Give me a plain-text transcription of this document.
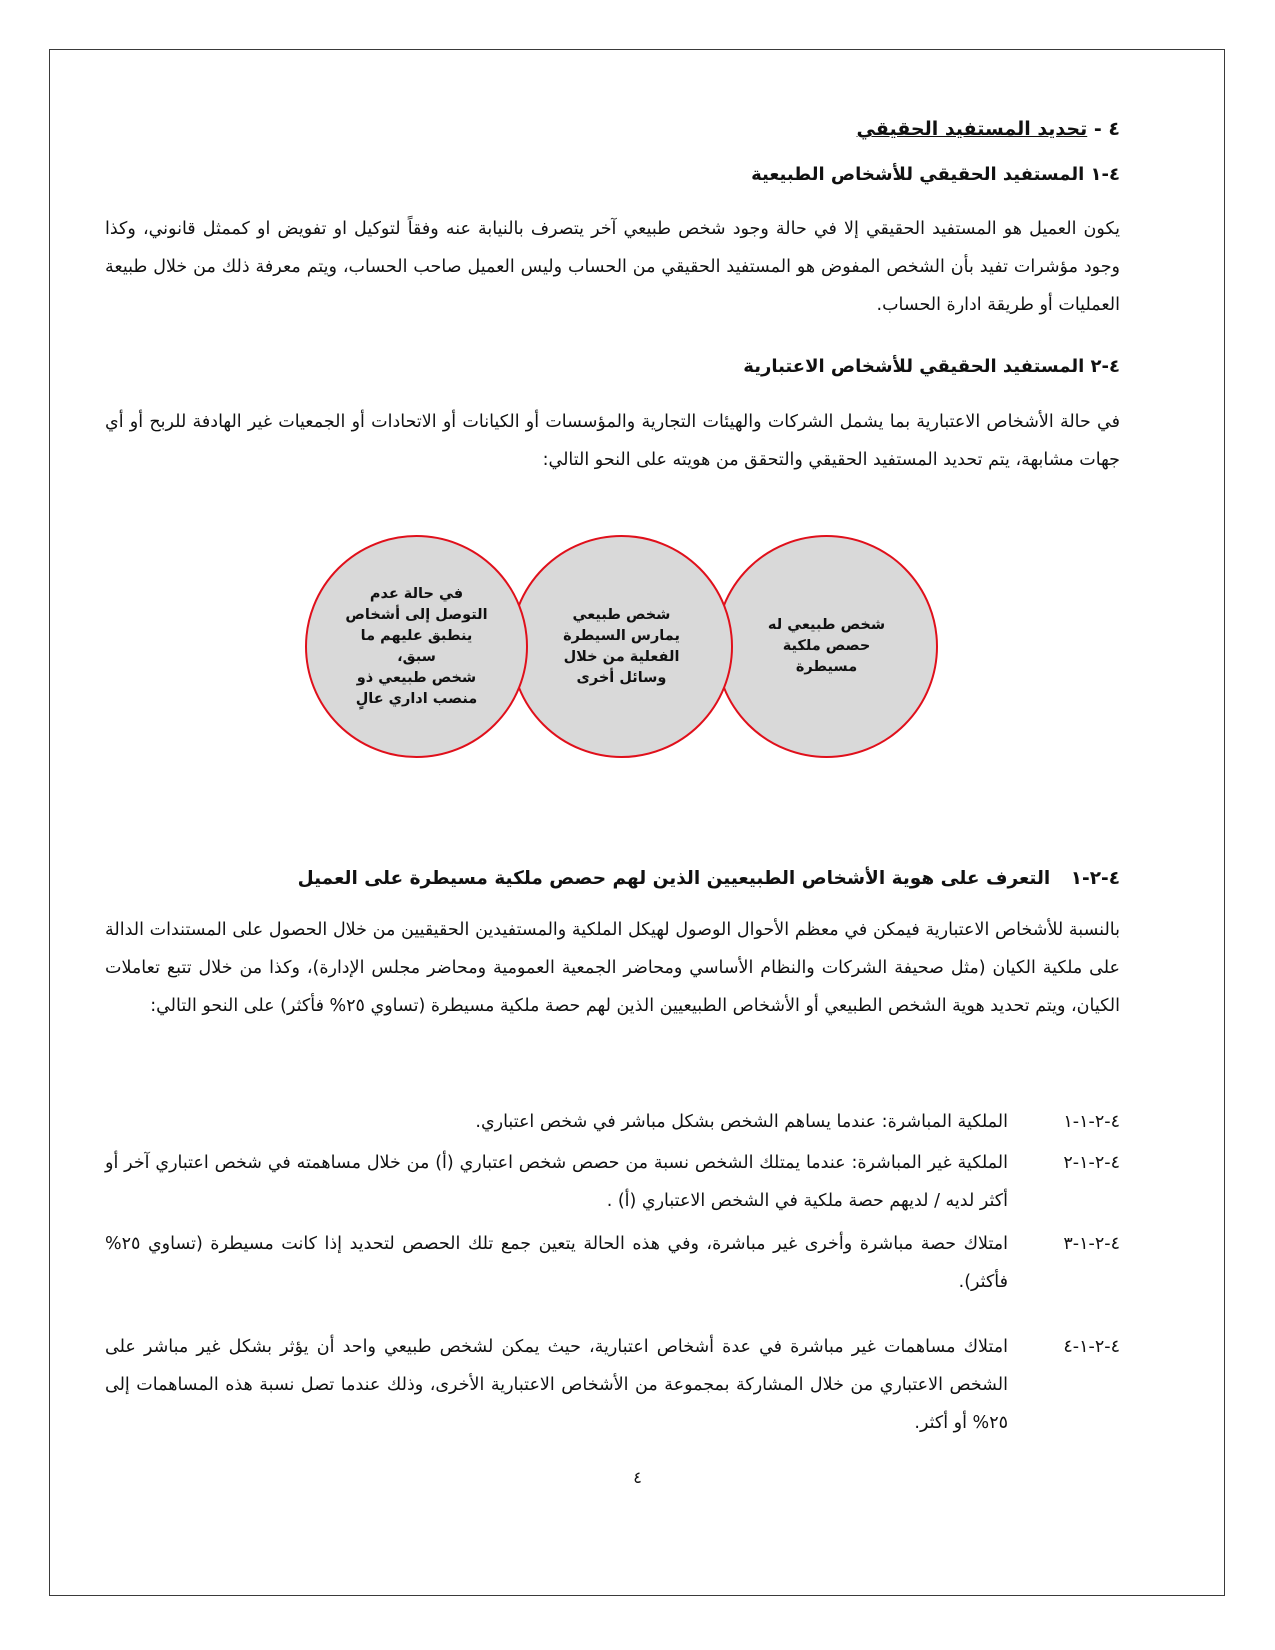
٤ - تحديد المستفيد الحقيقي
٤-١ المستفيد الحقيقي للأشخاص الطبيعية
يكون العميل هو المستفيد الحقيقي إلا في حالة وجود شخص طبيعي آخر يتصرف بالنيابة عنه وفقاً لتوكيل او تفويض او كممثل قانوني، وكذا وجود مؤشرات تفيد بأن الشخص المفوض هو المستفيد الحقيقي من الحساب وليس العميل صاحب الحساب، ويتم معرفة ذلك من خلال طبيعة العمليات أو طريقة ادارة الحساب.
٤-٢ المستفيد الحقيقي للأشخاص الاعتبارية
في حالة الأشخاص الاعتبارية بما يشمل الشركات والهيئات التجارية والمؤسسات أو الكيانات أو الاتحادات أو الجمعيات غير الهادفة للربح أو أي جهات مشابهة، يتم تحديد المستفيد الحقيقي والتحقق من هويته على النحو التالي:
شخص طبيعي له
حصص ملكية
مسيطرة
شخص طبيعي
يمارس السيطرة
الفعلية من خلال
وسائل أخرى
في حالة عدم
التوصل إلى أشخاص
ينطبق عليهم ما
سبق،
شخص طبيعي ذو
منصب اداري عالٍ
٤-٢-١ التعرف على هوية الأشخاص الطبيعيين الذين لهم حصص ملكية مسيطرة على العميل
بالنسبة للأشخاص الاعتبارية فيمكن في معظم الأحوال الوصول لهيكل الملكية والمستفيدين الحقيقيين من خلال الحصول على المستندات الدالة على ملكية الكيان (مثل صحيفة الشركات والنظام الأساسي ومحاضر الجمعية العمومية ومحاضر مجلس الإدارة)، وكذا من خلال تتبع تعاملات الكيان، ويتم تحديد هوية الشخص الطبيعي أو الأشخاص الطبيعيين الذين لهم حصة ملكية مسيطرة (تساوي ٢٥% فأكثر) على النحو التالي:
٤-٢-١-١
الملكية المباشرة: عندما يساهم الشخص بشكل مباشر في شخص اعتباري.
٤-٢-١-٢
الملكية غير المباشرة: عندما يمتلك الشخص نسبة من حصص شخص اعتباري (أ) من خلال مساهمته في شخص اعتباري آخر أو أكثر لديه / لديهم حصة ملكية في الشخص الاعتباري (أ) .
٤-٢-١-٣
امتلاك حصة مباشرة وأخرى غير مباشرة، وفي هذه الحالة يتعين جمع تلك الحصص لتحديد إذا كانت مسيطرة (تساوي ٢٥% فأكثر).
٤-٢-١-٤
امتلاك مساهمات غير مباشرة في عدة أشخاص اعتبارية، حيث يمكن لشخص طبيعي واحد أن يؤثر بشكل غير مباشر على الشخص الاعتباري من خلال المشاركة بمجموعة من الأشخاص الاعتبارية الأخرى، وذلك عندما تصل نسبة هذه المساهمات إلى ٢٥% أو أكثر.
٤
